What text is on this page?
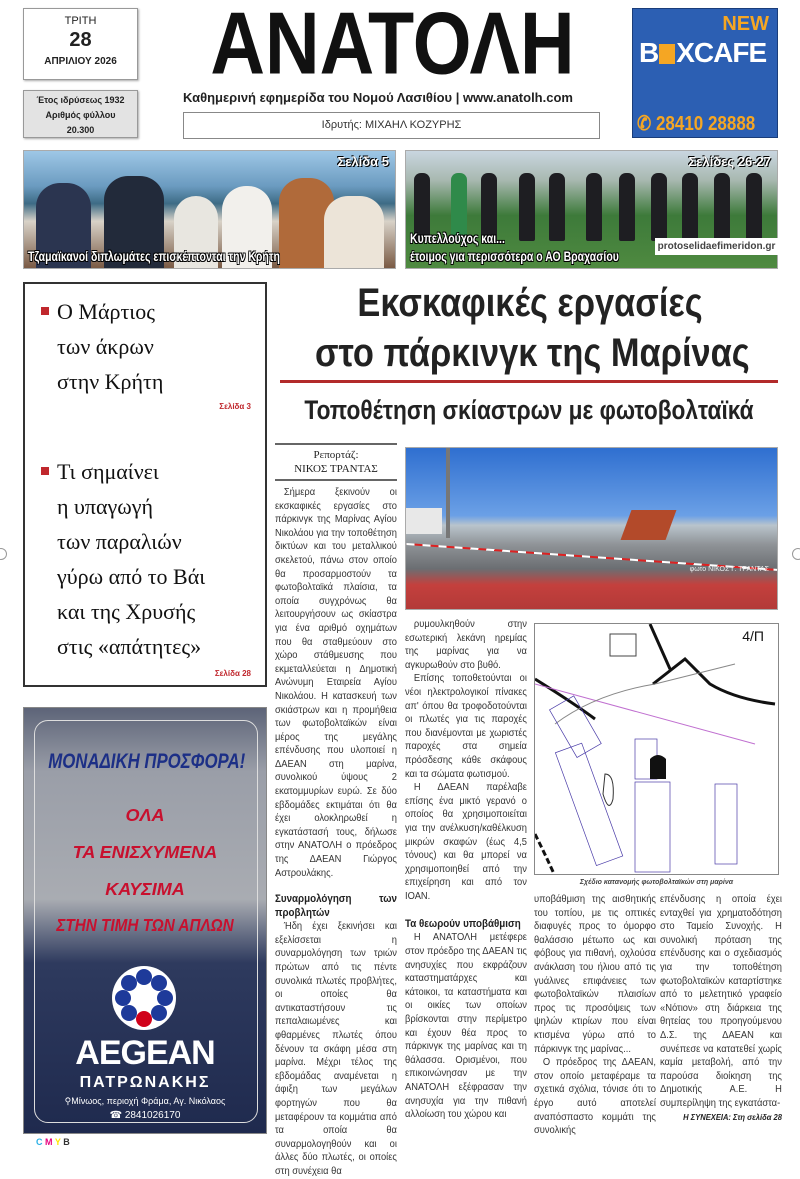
ΤΡΙΤΗ
28
ΑΠΡΙΛΙΟΥ 2026
Έτος ιδρύσεως 1932
Αριθμός φύλλου
20.300
ΑΝΑΤΟΛΗ
Καθημερινή εφημερίδα του Νομού Λασιθίου | www.anatolh.com
Ιδρυτής: ΜΙΧΑΗΛ ΚΟΖΥΡΗΣ
NEW
B XCAFE
✆ 28410 28888
Σελίδα 5
Τζαμαϊκανοί διπλωμάτες επισκέπτονται την Κρήτη
Σελίδες 26-27
Κυπελλούχος και...
έτοιμος για περισσότερα ο ΑΟ Βραχασίου
protoselidaefimeridon.gr
Ο Μάρτιος
των άκρων
στην Κρήτη
Σελίδα 3
Τι σημαίνει
η υπαγωγή
των παραλιών
γύρω από το Βάι
και της Χρυσής
στις «απάτητες»
Σελίδα 28
ΜΟΝΑΔΙΚΗ ΠΡΟΣΦΟΡΑ!
ΟΛΑ
ΤΑ ΕΝΙΣΧΥΜΕΝΑ
ΚΑΥΣΙΜΑ
ΣΤΗΝ ΤΙΜΗ ΤΩΝ ΑΠΛΩΝ
AEGEAN
ΠΑΤΡΩΝΑΚΗΣ
⚲Μίνωος, περιοχή Φράμα, Αγ. Νικόλαος
☎ 2841026170
C M Y B
Εκσκαφικές εργασίες
στο πάρκινγκ της Μαρίνας
Τοποθέτηση σκίαστρων με φωτοβολταϊκά
Ρεπορτάζ:
ΝΙΚΟΣ ΤΡΑΝΤΑΣ
φωτο ΝΙΚΟΣ Γ. ΤΡΑΝΤΑΣ

Σήμερα ξεκινούν οι εκσκαφικές εργασίες στο πάρκινγκ της Μαρίνας Αγίου Νικολάου για την τοποθέτηση δικτύων και του μεταλλικού σκελετού, πάνω στον οποίο θα προσαρμοστούν τα φωτοβολταϊκά πλαίσια, τα οποία συγχρόνως θα λειτουργήσουν ως σκίαστρα για ένα αριθμό οχημάτων που θα σταθμεύουν στο χώρο στάθμευσης που εκμεταλλεύεται η Δημοτική Ανώνυμη Εταιρεία Αγίου Νικολάου. Η κατασκευή των σκιάστρων και η προμήθεια των φωτοβολταϊκών είναι μέρος της μεγάλης επένδυσης που υλοποιεί η ΔΑΕΑΝ στη μαρίνα, συνολικού ύψους 2 εκατομμυρίων ευρώ. Σε δύο εβδομάδες εκτιμάται ότι θα έχει ολοκληρωθεί η εγκατάστασή τους, δήλωσε στην ΑΝΑΤΟΛΗ ο πρόεδρος της ΔΑΕΑΝ Γιώργος Αστρουλάκης.

Συναρμολόγηση των προβλητών

Ήδη έχει ξεκινήσει και εξελίσσεται η συναρμολόγηση των τριών πρώτων από τις πέντε συνολικά πλωτές προβλήτες, οι οποίες θα αντικαταστήσουν τις πεπαλαιωμένες και φθαρμένες πλωτές όπου δένουν τα σκάφη μέσα στη μαρίνα. Μέχρι τέλος της εβδομάδας αναμένεται η άφιξη των μεγάλων φορτηγών που θα μεταφέρουν τα κομμάτια από τα οποία θα συναρμολογηθούν και οι άλλες δύο πλωτές, οι οποίες στη συνέχεια θα

ρυμουλκηθούν στην εσωτερική λεκάνη ηρεμίας της μαρίνας για να αγκυρωθούν στο βυθό.

Επίσης τοποθετούνται οι νέοι ηλεκτρολογικοί πίνακες απ' όπου θα τροφοδοτούνται οι πλωτές για τις παροχές που διανέμονται με χωριστές παροχές στα σημεία πρόσδεσης κάθε σκάφους και τα σώματα φωτισμού.

Η ΔΑΕΑΝ παρέλαβε επίσης ένα μικτό γερανό ο οποίος θα χρησιμοποιείται για την ανέλκυση/καθέλκυση μικρών σκαφών (έως 4,5 τόνους) και θα μπορεί να χρησιμοποιηθεί από την επιχείρηση και από τον ΙΟΑΝ.

Τα θεωρούν υποβάθμιση

Η ΑΝΑΤΟΛΗ μετέφερε στον πρόεδρο της ΔΑΕΑΝ τις ανησυχίες που εκφράζουν καταστηματάρχες και κάτοικοι, τα καταστήματα και οι οικίες των οποίων βρίσκονται στην περίμετρο και έχουν θέα προς το πάρκινγκ της μαρίνας και τη θάλασσα. Ορισμένοι, που επικοινώνησαν με την ΑΝΑΤΟΛΗ εξέφρασαν την ανησυχία για την πιθανή αλλοίωση του χώρου και

4/Π
Σχέδιο κατανομής φωτοβολταϊκών στη μαρίνα

υποβάθμιση της αισθητικής του τοπίου, με τις οπτικές διαφυγές προς το όμορφο θαλάσσιο μέτωπο ως και φόβους για πιθανή, οχλούσα ανάκλαση του ήλιου από τις γυάλινες επιφάνειες των φωτοβολταϊκών πλαισίων προς τις προσόψεις των ψηλών κτιρίων που είναι κτισμένα γύρω από το πάρκινγκ της μαρίνας...

Ο πρόεδρος της ΔΑΕΑΝ, στον οποίο μεταφέραμε τα σχετικά σχόλια, τόνισε ότι το έργο αυτό αποτελεί αναπόσπαστο κομμάτι της συνολικής

επένδυσης η οποία έχει ενταχθεί για χρηματοδότηση στο Ταμείο Συνοχής. Η συνολική πρόταση της επένδυσης και ο σχεδιασμός για την τοποθέτηση φωτοβολταϊκών καταρτίστηκε από το μελετητικό γραφείο «Νότιον» στη διάρκεια της θητείας του προηγούμενου Δ.Σ. της ΔΑΕΑΝ και συνέπεσε να κατατεθεί χωρίς καμία μεταβολή, από την παρούσα διοίκηση της Δημοτικής Α.Ε. Η συμπερίληψη της εγκατάστα-

Η ΣΥΝΕΧΕΙΑ: Στη σελίδα 28
